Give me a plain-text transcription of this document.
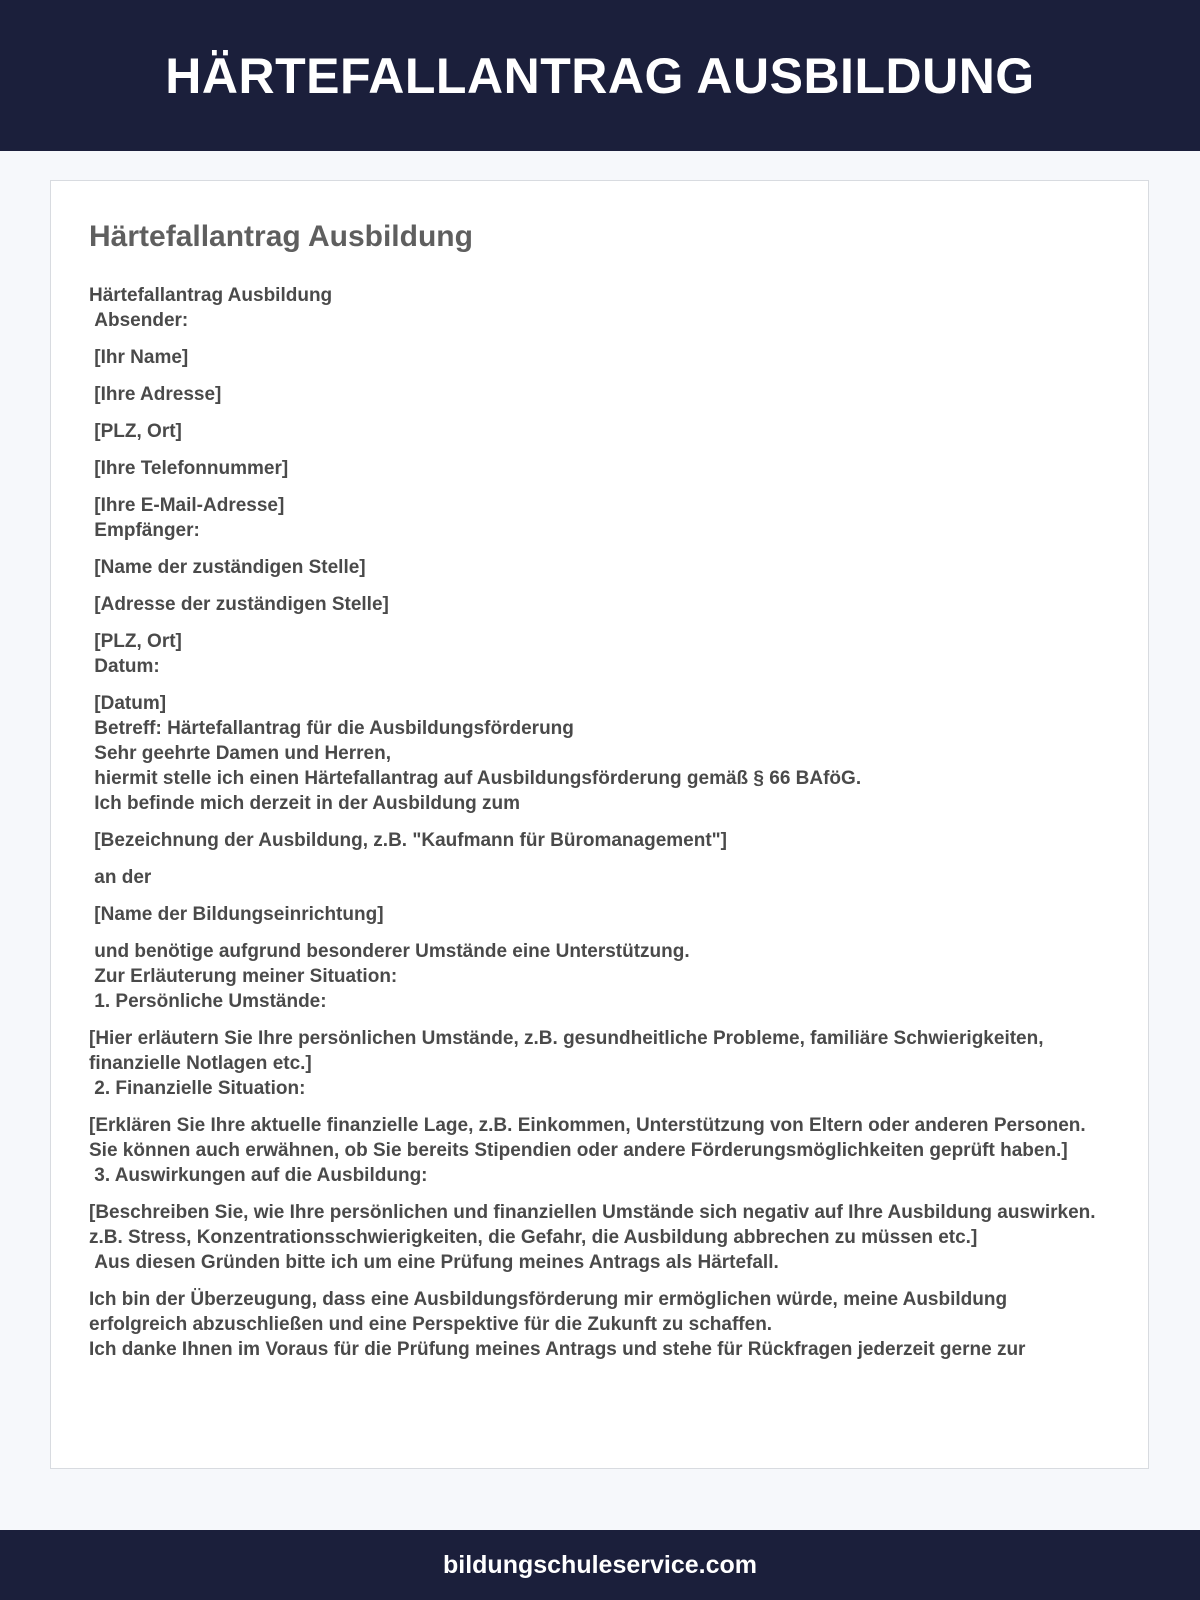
HÄRTEFALLANTRAG AUSBILDUNG
Härtefallantrag Ausbildung
Härtefallantrag Ausbildung
Absender:
[Ihr Name]
[Ihre Adresse]
[PLZ, Ort]
[Ihre Telefonnummer]
[Ihre E-Mail-Adresse]
Empfänger:
[Name der zuständigen Stelle]
[Adresse der zuständigen Stelle]
[PLZ, Ort]
Datum:
[Datum]
Betreff: Härtefallantrag für die Ausbildungsförderung
Sehr geehrte Damen und Herren,
hiermit stelle ich einen Härtefallantrag auf Ausbildungsförderung gemäß § 66 BAföG.
Ich befinde mich derzeit in der Ausbildung zum
[Bezeichnung der Ausbildung, z.B. "Kaufmann für Büromanagement"]
an der
[Name der Bildungseinrichtung]
und benötige aufgrund besonderer Umstände eine Unterstützung.
Zur Erläuterung meiner Situation:
1. Persönliche Umstände:
[Hier erläutern Sie Ihre persönlichen Umstände, z.B. gesundheitliche Probleme, familiäre Schwierigkeiten, finanzielle Notlagen etc.]
2. Finanzielle Situation:
[Erklären Sie Ihre aktuelle finanzielle Lage, z.B. Einkommen, Unterstützung von Eltern oder anderen Personen. Sie können auch erwähnen, ob Sie bereits Stipendien oder andere Förderungsmöglichkeiten geprüft haben.]
3. Auswirkungen auf die Ausbildung:
[Beschreiben Sie, wie Ihre persönlichen und finanziellen Umstände sich negativ auf Ihre Ausbildung auswirken. z.B. Stress, Konzentrationsschwierigkeiten, die Gefahr, die Ausbildung abbrechen zu müssen etc.]
Aus diesen Gründen bitte ich um eine Prüfung meines Antrags als Härtefall.
Ich bin der Überzeugung, dass eine Ausbildungsförderung mir ermöglichen würde, meine Ausbildung erfolgreich abzuschließen und eine Perspektive für die Zukunft zu schaffen.
Ich danke Ihnen im Voraus für die Prüfung meines Antrags und stehe für Rückfragen jederzeit gerne zur
bildungschuleservice.com
